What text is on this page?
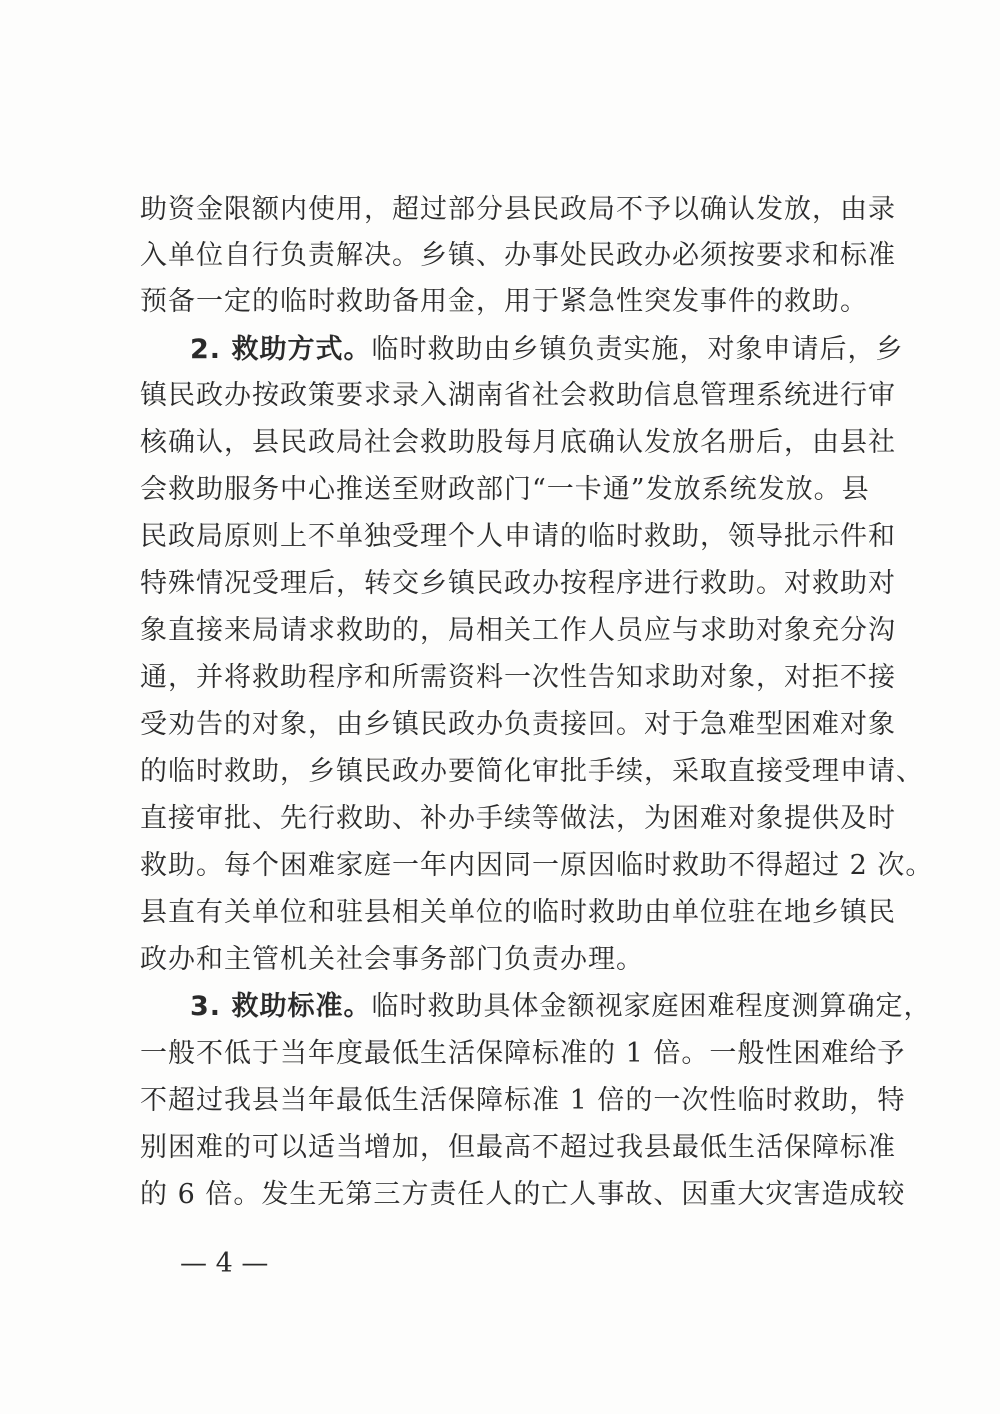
助资金限额内使用，超过部分县民政局不予以确认发放，由录
入单位自行负责解决。乡镇、办事处民政办必须按要求和标准
预备一定的临时救助备用金，用于紧急性突发事件的救助。
2. 救助方式。临时救助由乡镇负责实施，对象申请后，乡
镇民政办按政策要求录入湖南省社会救助信息管理系统进行审
核确认，县民政局社会救助股每月底确认发放名册后，由县社
会救助服务中心推送至财政部门“一卡通”发放系统发放。县
民政局原则上不单独受理个人申请的临时救助，领导批示件和
特殊情况受理后，转交乡镇民政办按程序进行救助。对救助对
象直接来局请求救助的，局相关工作人员应与求助对象充分沟
通，并将救助程序和所需资料一次性告知求助对象，对拒不接
受劝告的对象，由乡镇民政办负责接回。对于急难型困难对象
的临时救助，乡镇民政办要简化审批手续，采取直接受理申请、
直接审批、先行救助、补办手续等做法，为困难对象提供及时
救助。每个困难家庭一年内因同一原因临时救助不得超过 2 次。
县直有关单位和驻县相关单位的临时救助由单位驻在地乡镇民
政办和主管机关社会事务部门负责办理。
3. 救助标准。临时救助具体金额视家庭困难程度测算确定，
一般不低于当年度最低生活保障标准的 1 倍。一般性困难给予
不超过我县当年最低生活保障标准 1 倍的一次性临时救助，特
别困难的可以适当增加，但最高不超过我县最低生活保障标准
的 6 倍。发生无第三方责任人的亡人事故、因重大灾害造成较
— 4 —
